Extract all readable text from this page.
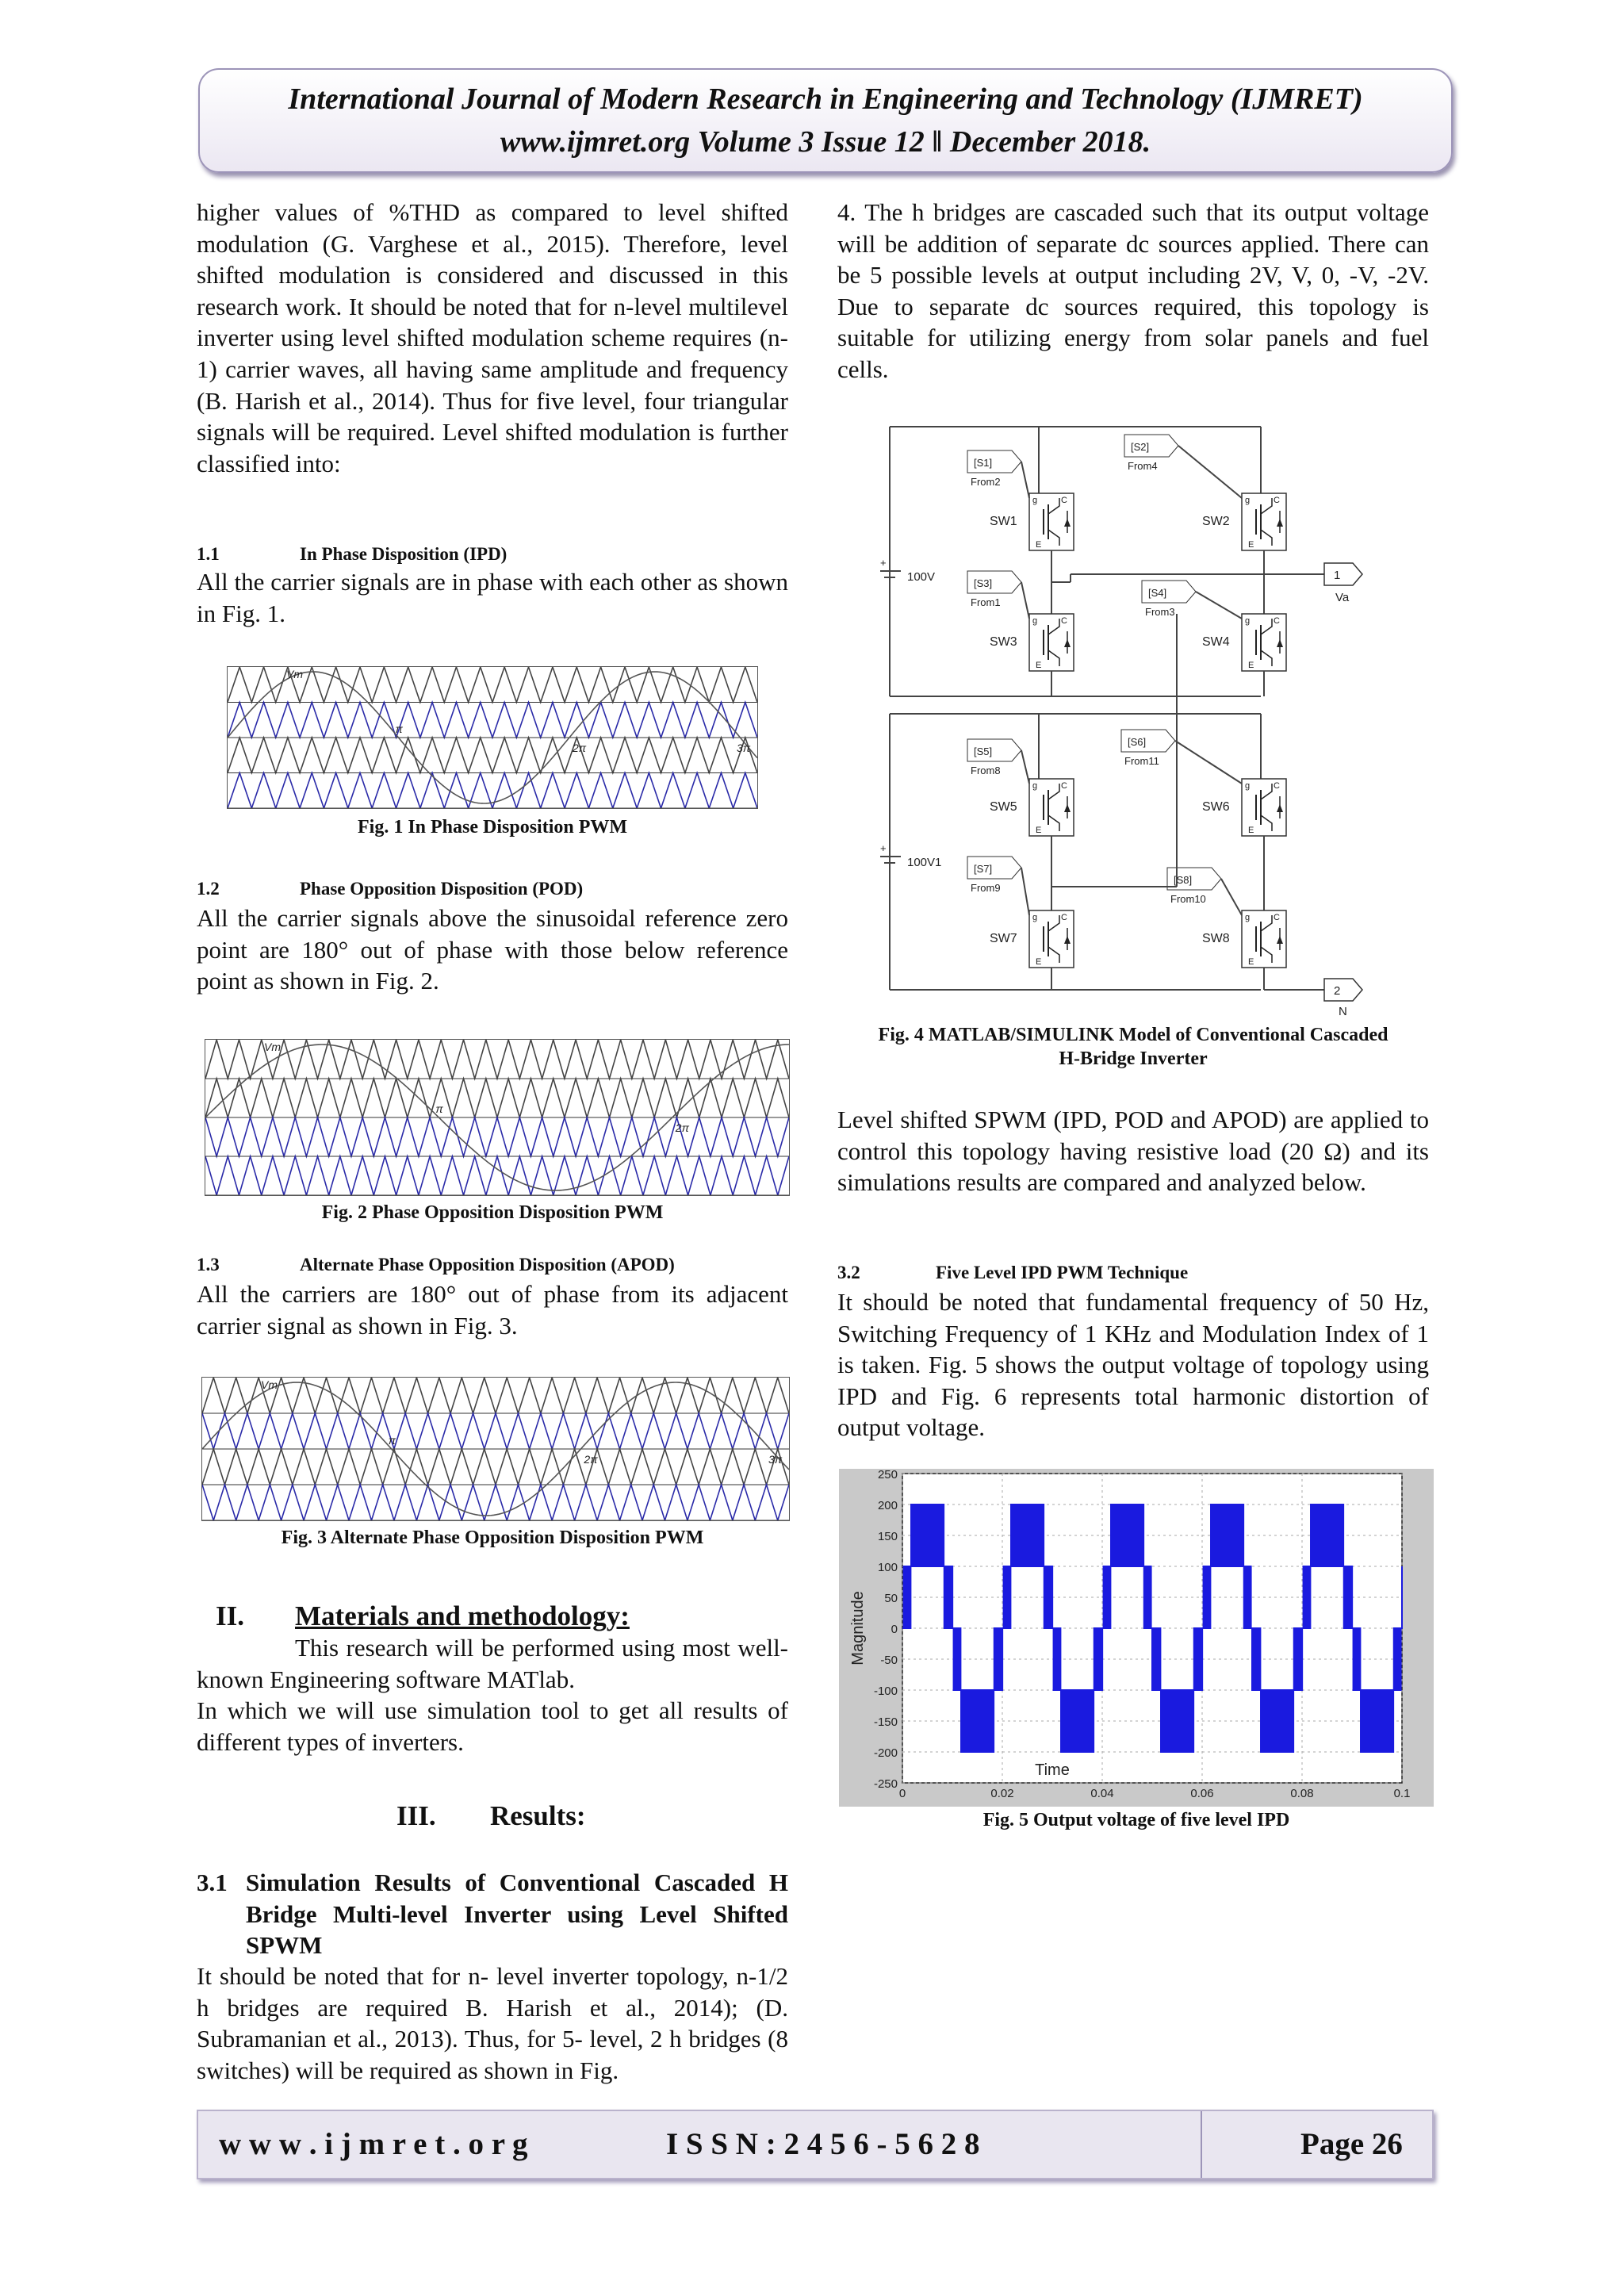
International Journal of Modern Research in Engineering and Technology (IJMRET)
www.ijmret.org Volume 3 Issue 12 ǁ December 2018.

higher values of %THD as compared to level shifted modulation (G. Varghese et al., 2015). Therefore, level shifted modulation is considered and discussed in this research work. It should be noted that for n-level multilevel inverter using level shifted modulation scheme requires (n-1) carrier waves, all having same amplitude and frequency (B. Harish et al., 2014). Thus for five level, four triangular signals will be required. Level shifted modulation is further classified into:

1.1	In Phase Disposition (IPD)

All the carrier signals are in phase with each other as shown in Fig. 1.

Vm
π
2π	3π
Fig. 1 In Phase Disposition PWM
1.2	Phase Opposition Disposition (POD)

All the carrier signals above the sinusoidal reference zero point are 180° out of phase with those below reference point as shown in Fig. 2.

Vm
π
2π
Fig. 2 Phase Opposition Disposition PWM
1.3	Alternate Phase Opposition Disposition (APOD)

All the carriers are 180° out of phase from its adjacent carrier signal as shown in Fig. 3.

Vm
π
2π	3π
Fig. 3 Alternate Phase Opposition Disposition PWM
II. Materials and methodology:

This research will be performed using most well-known Engineering software MATlab.

In which we will use simulation tool to get all results of different types of inverters.

III. Results:
3.1 Simulation Results of Conventional Cascaded H Bridge Multi-level Inverter using Level Shifted SPWM

It should be noted that for n- level inverter topology, n-1/2 h bridges are required B. Harish et al., 2014); (D. Subramanian et al., 2013). Thus, for 5- level, 2 h bridges (8 switches) will be required as shown in Fig.

4. The h bridges are cascaded such that its output voltage will be addition of separate dc sources applied. There can be 5 possible levels at output including 2V, V, 0, -V, -2V. Due to separate dc sources required, this topology is suitable for utilizing energy from solar panels and fuel cells.

+
100V
g
E
C
SW1
g
E
C
SW2
g
E
C
SW3
g
E
C
SW4
[S1]
From2
[S2]
From4
[S3]
From1
[S4]
From3
1
Va
+
100V1
g
E
C
SW5
g
E
C
SW6
g
E
C
SW7
g
E
C
SW8
[S5]
From8
[S6]
From11
[S7]
From9
[S8]
From10
2
N
Fig. 4 MATLAB/SIMULINK Model of Conventional Cascaded
H-Bridge Inverter

Level shifted SPWM (IPD, POD and APOD) are applied to control this topology having resistive load (20 Ω) and its simulations results are compared and analyzed below.

3.2	Five Level IPD PWM Technique

It should be noted that fundamental frequency of 50 Hz, Switching Frequency of 1 KHz and Modulation Index of 1 is taken. Fig. 5 shows the output voltage of topology using IPD and Fig. 6 represents total harmonic distortion of output voltage.

250
200
150
100
50
0
-50
-100
-150
-200
-250
0	0.02	0.04	0.06	0.08	0.1
Time
Magnitude
Fig. 5 Output voltage of five level IPD
w w w . i j m r e t . o r g	I S S N : 2 4 5 6 - 5 6 2 8	Page 26
